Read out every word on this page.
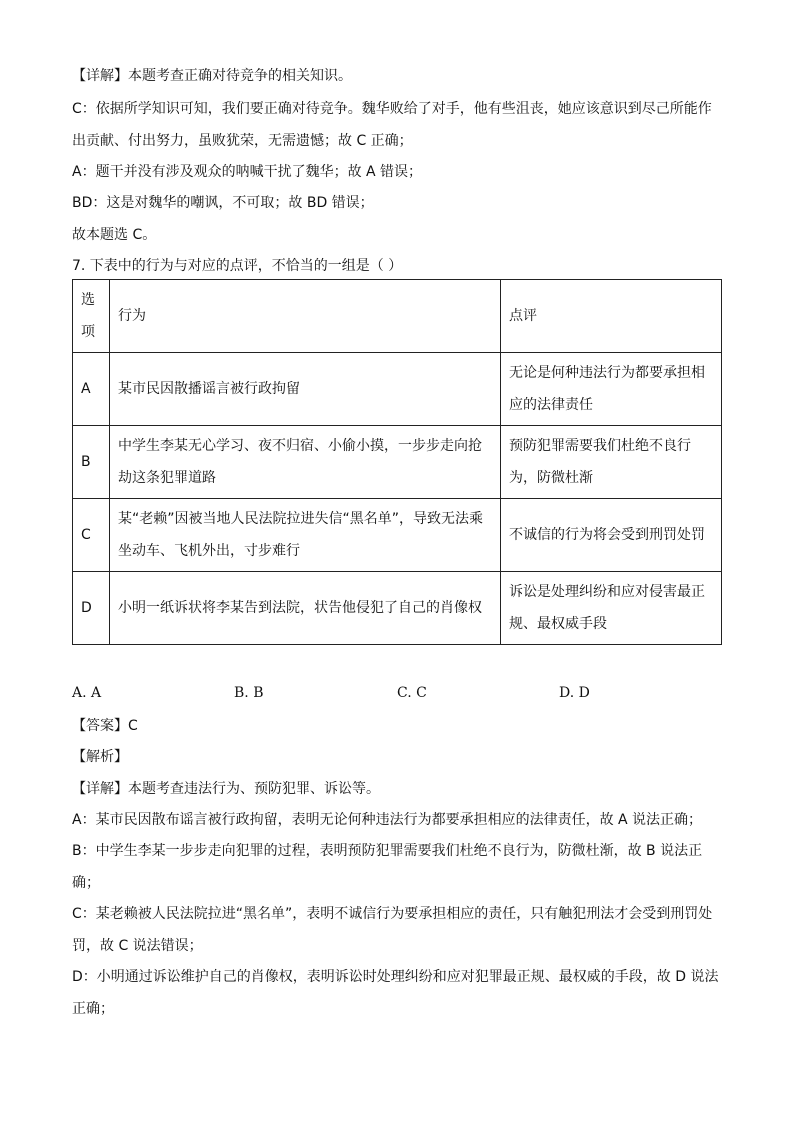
【详解】本题考查正确对待竞争的相关知识。
C：依据所学知识可知，我们要正确对待竞争。魏华败给了对手，他有些沮丧，她应该意识到尽己所能作
出贡献、付出努力，虽败犹荣，无需遗憾；故 C 正确；
A：题干并没有涉及观众的呐喊干扰了魏华；故 A 错误；
BD：这是对魏华的嘲讽，不可取；故 BD 错误；
故本题选 C。
7. 下表中的行为与对应的点评，不恰当的一组是（ ）
选
项	行为	点评
A	某市民因散播谣言被行政拘留	无论是何种违法行为都要承担相应的法律责任
B	中学生李某无心学习、夜不归宿、小偷小摸，一步步走向抢劫这条犯罪道路	预防犯罪需要我们杜绝不良行为，防微杜渐
C	某“老赖”因被当地人民法院拉进失信“黑名单”，导致无法乘坐动车、飞机外出，寸步难行	不诚信的行为将会受到刑罚处罚
D	小明一纸诉状将李某告到法院，状告他侵犯了自己的肖像权	诉讼是处理纠纷和应对侵害最正规、最权威手段
A. A	B. B	C. C	D. D
【答案】C
【解析】
【详解】本题考查违法行为、预防犯罪、诉讼等。
A：某市民因散布谣言被行政拘留，表明无论何种违法行为都要承担相应的法律责任，故 A 说法正确；
B：中学生李某一步步走向犯罪的过程，表明预防犯罪需要我们杜绝不良行为，防微杜渐，故 B 说法正
确；
C：某老赖被人民法院拉进“黑名单”，表明不诚信行为要承担相应的责任，只有触犯刑法才会受到刑罚处
罚，故 C 说法错误；
D：小明通过诉讼维护自己的肖像权，表明诉讼时处理纠纷和应对犯罪最正规、最权威的手段，故 D 说法
正确；
